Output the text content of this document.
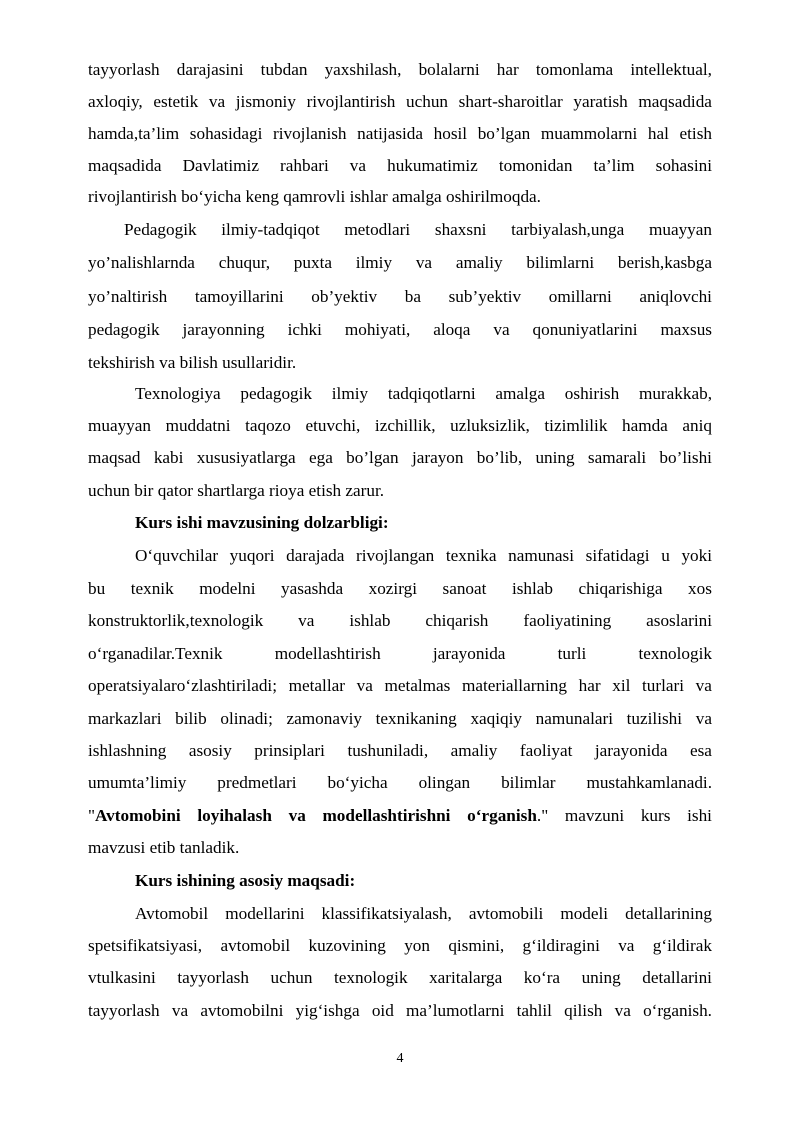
tayyorlash darajasini tubdan yaxshilash, bolalarni har tomonlama intellektual,
axloqiy, estetik va jismoniy rivojlantirish uchun shart-sharoitlar yaratish maqsadida
hamda,ta’lim sohasidagi rivojlanish natijasida hosil bo’lgan muammolarni hal etish
maqsadida Davlatimiz rahbari va hukumatimiz tomonidan ta’lim sohasini
rivojlantirish bo‘yicha keng qamrovli ishlar amalga oshirilmoqda.
Pedagogik ilmiy-tadqiqot metodlari shaxsni tarbiyalash,unga muayyan
yo’nalishlarnda chuqur, puxta ilmiy va amaliy bilimlarni berish,kasbga
yo’naltirish tamoyillarini ob’yektiv ba sub’yektiv omillarni aniqlovchi
pedagogik jarayonning ichki mohiyati, aloqa va qonuniyatlarini maxsus
tekshirish va bilish usullaridir.
Texnologiya pedagogik ilmiy tadqiqotlarni amalga oshirish murakkab,
muayyan muddatni taqozo etuvchi, izchillik, uzluksizlik, tizimlilik hamda aniq
maqsad kabi xususiyatlarga ega bo’lgan jarayon bo’lib, uning samarali bo’lishi
uchun bir qator shartlarga rioya etish zarur.
Kurs ishi mavzusining dolzarbligi:
O‘quvchilar yuqori darajada rivojlangan texnika namunasi sifatidagi u yoki
bu texnik modelni yasashda xozirgi sanoat ishlab chiqarishiga xos
konstruktorlik,texnologik va ishlab chiqarish faoliyatining asoslarini
o‘rganadilar.Texnik	modellashtirish	jarayonida	turli	texnologik
operatsiyalaro‘zlashtiriladi; metallar va metalmas materiallarning har xil turlari va
markazlari bilib olinadi; zamonaviy texnikaning xaqiqiy namunalari tuzilishi va
ishlashning asosiy prinsiplari tushuniladi, amaliy faoliyat jarayonida esa
umumta’limiy predmetlari bo‘yicha olingan bilimlar mustahkamlanadi.
"Avtomobini loyihalash va modellashtirishni o‘rganish." mavzuni kurs ishi
mavzusi etib tanladik.
Kurs ishining asosiy maqsadi:
Avtomobil modellarini klassifikatsiyalash, avtomobili modeli detallarining
spetsifikatsiyasi, avtomobil kuzovining yon qismini, g‘ildiragini va g‘ildirak
vtulkasini tayyorlash uchun texnologik xaritalarga ko‘ra uning detallarini
tayyorlash va avtomobilni yig‘ishga oid ma’lumotlarni tahlil qilish va o‘rganish.
4
